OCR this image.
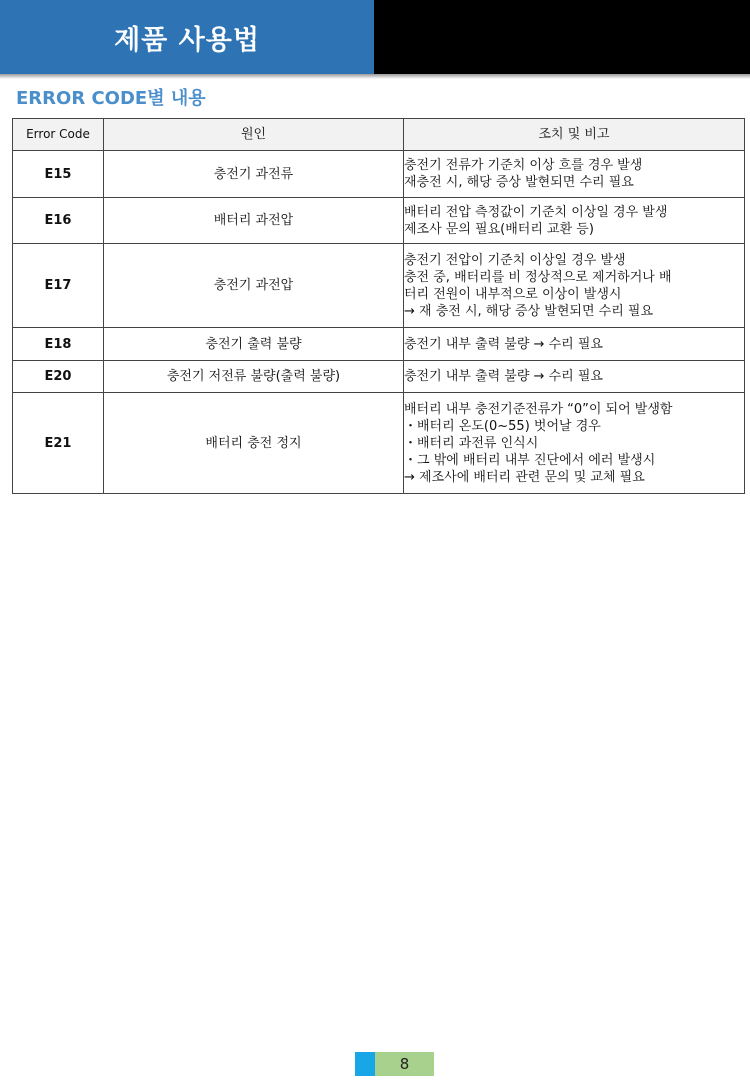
제품 사용법
ERROR CODE별 내용
Error Code	원인	조치 및 비고
E15	충전기 과전류	충전기 전류가 기준치 이상 흐를 경우 발생
재충전 시, 해당 증상 발현되면 수리 필요

E16	배터리 과전압	배터리 전압 측정값이 기준치 이상일 경우 발생
제조사 문의 필요(배터리 교환 등)

E17	충전기 과전압	충전기 전압이 기준치 이상일 경우 발생
충전 중, 배터리를 비 정상적으로 제거하거나 배
터리 전원이 내부적으로 이상이 발생시
→ 재 충전 시, 해당 증상 발현되면 수리 필요

E18	충전기 출력 불량	충전기 내부 출력 불량 → 수리 필요

E20	충전기 저전류 불량(출력 불량)	충전기 내부 출력 불량 → 수리 필요

E21	배터리 충전 정지	배터리 내부 충전기준전류가 “0”이 되어 발생함
・배터리 온도(0~55) 벗어날 경우
・배터리 과전류 인식시
・그 밖에 배터리 내부 진단에서 에러 발생시
→ 제조사에 배터리 관련 문의 및 교체 필요
8
